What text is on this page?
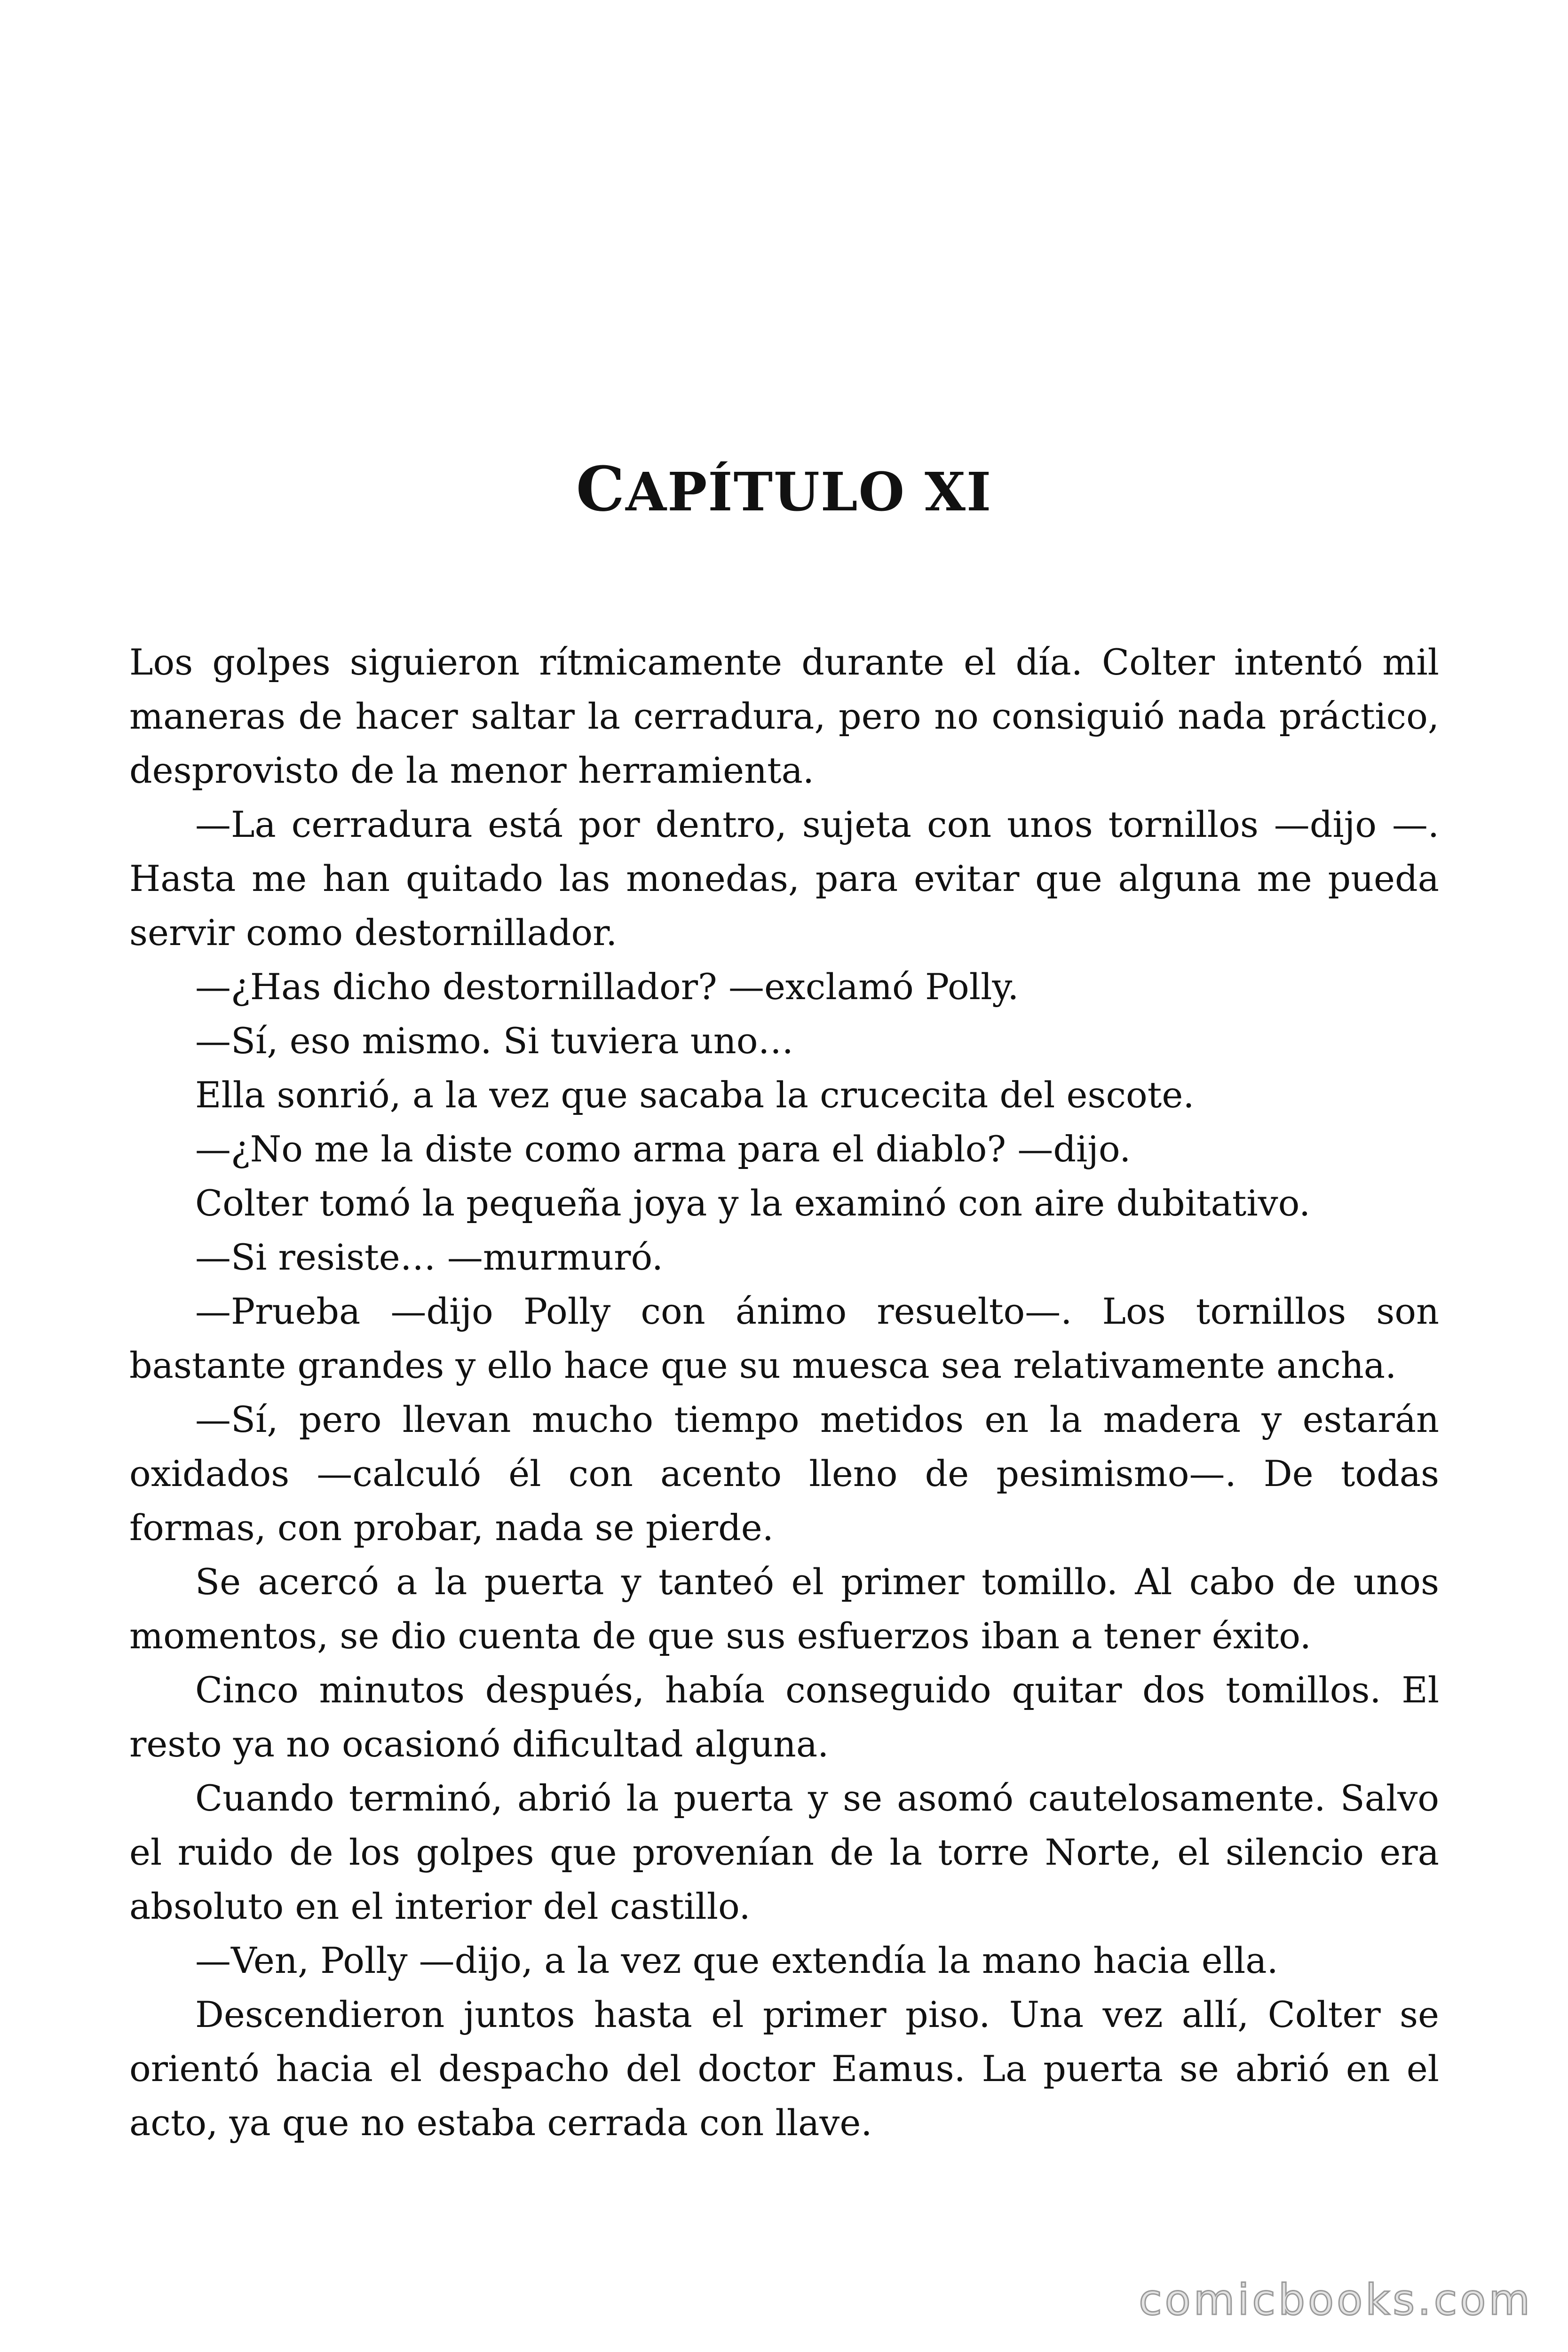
CAPÍTULO XI

Los golpes siguieron rítmicamente durante el día. Colter intentó mil maneras de hacer saltar la cerradura, pero no consiguió nada práctico, desprovisto de la menor herramienta.

—La cerradura está por dentro, sujeta con unos tornillos —dijo —. Hasta me han quitado las monedas, para evitar que alguna me pueda servir como destornillador.

—¿Has dicho destornillador? —exclamó Polly.

—Sí, eso mismo. Si tuviera uno…

Ella sonrió, a la vez que sacaba la crucecita del escote.

—¿No me la diste como arma para el diablo? —dijo.

Colter tomó la pequeña joya y la examinó con aire dubitativo.

—Si resiste… —murmuró.

—Prueba —dijo Polly con ánimo resuelto—. Los tornillos son bastante grandes y ello hace que su muesca sea relativamente ancha.

—Sí, pero llevan mucho tiempo metidos en la madera y estarán oxidados —calculó él con acento lleno de pesimismo—. De todas formas, con probar, nada se pierde.

Se acercó a la puerta y tanteó el primer tomillo. Al cabo de unos momentos, se dio cuenta de que sus esfuerzos iban a tener éxito.

Cinco minutos después, había conseguido quitar dos tomillos. El resto ya no ocasionó dificultad alguna.

Cuando terminó, abrió la puerta y se asomó cautelosamente. Salvo el ruido de los golpes que provenían de la torre Norte, el silencio era absoluto en el interior del castillo.

—Ven, Polly —dijo, a la vez que extendía la mano hacia ella.

Descendieron juntos hasta el primer piso. Una vez allí, Colter se orientó hacia el despacho del doctor Eamus. La puerta se abrió en el acto, ya que no estaba cerrada con llave.

comicbooks.com
